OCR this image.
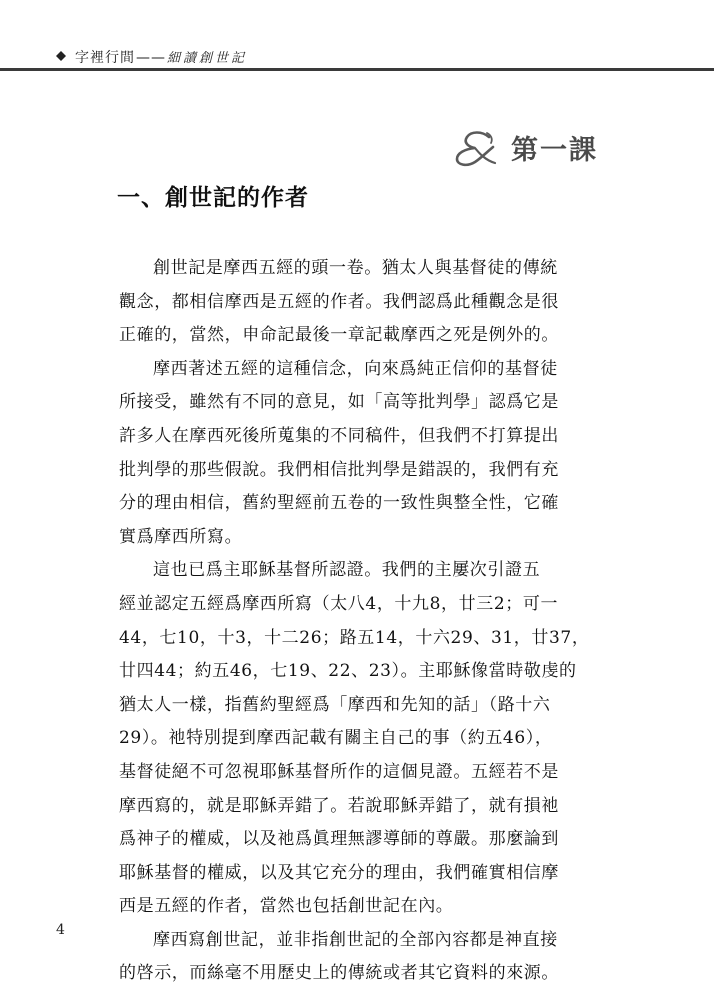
字裡行間——細讀創世記
第一課
一、創世記的作者
創世記是摩西五經的頭一卷。猶太人與基督徒的傳統
觀念，都相信摩西是五經的作者。我們認爲此種觀念是很
正確的，當然，申命記最後一章記載摩西之死是例外的。
摩西著述五經的這種信念，向來爲純正信仰的基督徒
所接受，雖然有不同的意見，如「高等批判學」認爲它是
許多人在摩西死後所蒐集的不同稿件，但我們不打算提出
批判學的那些假說。我們相信批判學是錯誤的，我們有充
分的理由相信，舊約聖經前五卷的一致性與整全性，它確
實爲摩西所寫。
這也已爲主耶穌基督所認證。我們的主屢次引證五
經並認定五經爲摩西所寫（太八4，十九8，廿三2；可一
44，七10，十3，十二26；路五14，十六29、31，廿37，
廿四44；約五46，七19、22、23）。主耶穌像當時敬虔的
猶太人一樣，指舊約聖經爲「摩西和先知的話」（路十六
29）。祂特別提到摩西記載有關主自己的事（約五46），
基督徒絕不可忽視耶穌基督所作的這個見證。五經若不是
摩西寫的，就是耶穌弄錯了。若說耶穌弄錯了，就有損祂
爲神子的權威，以及祂爲眞理無謬導師的尊嚴。那麼論到
耶穌基督的權威，以及其它充分的理由，我們確實相信摩
西是五經的作者，當然也包括創世記在內。
摩西寫創世記，並非指創世記的全部內容都是神直接
的啓示，而絲毫不用歷史上的傳統或者其它資料的來源。
4
